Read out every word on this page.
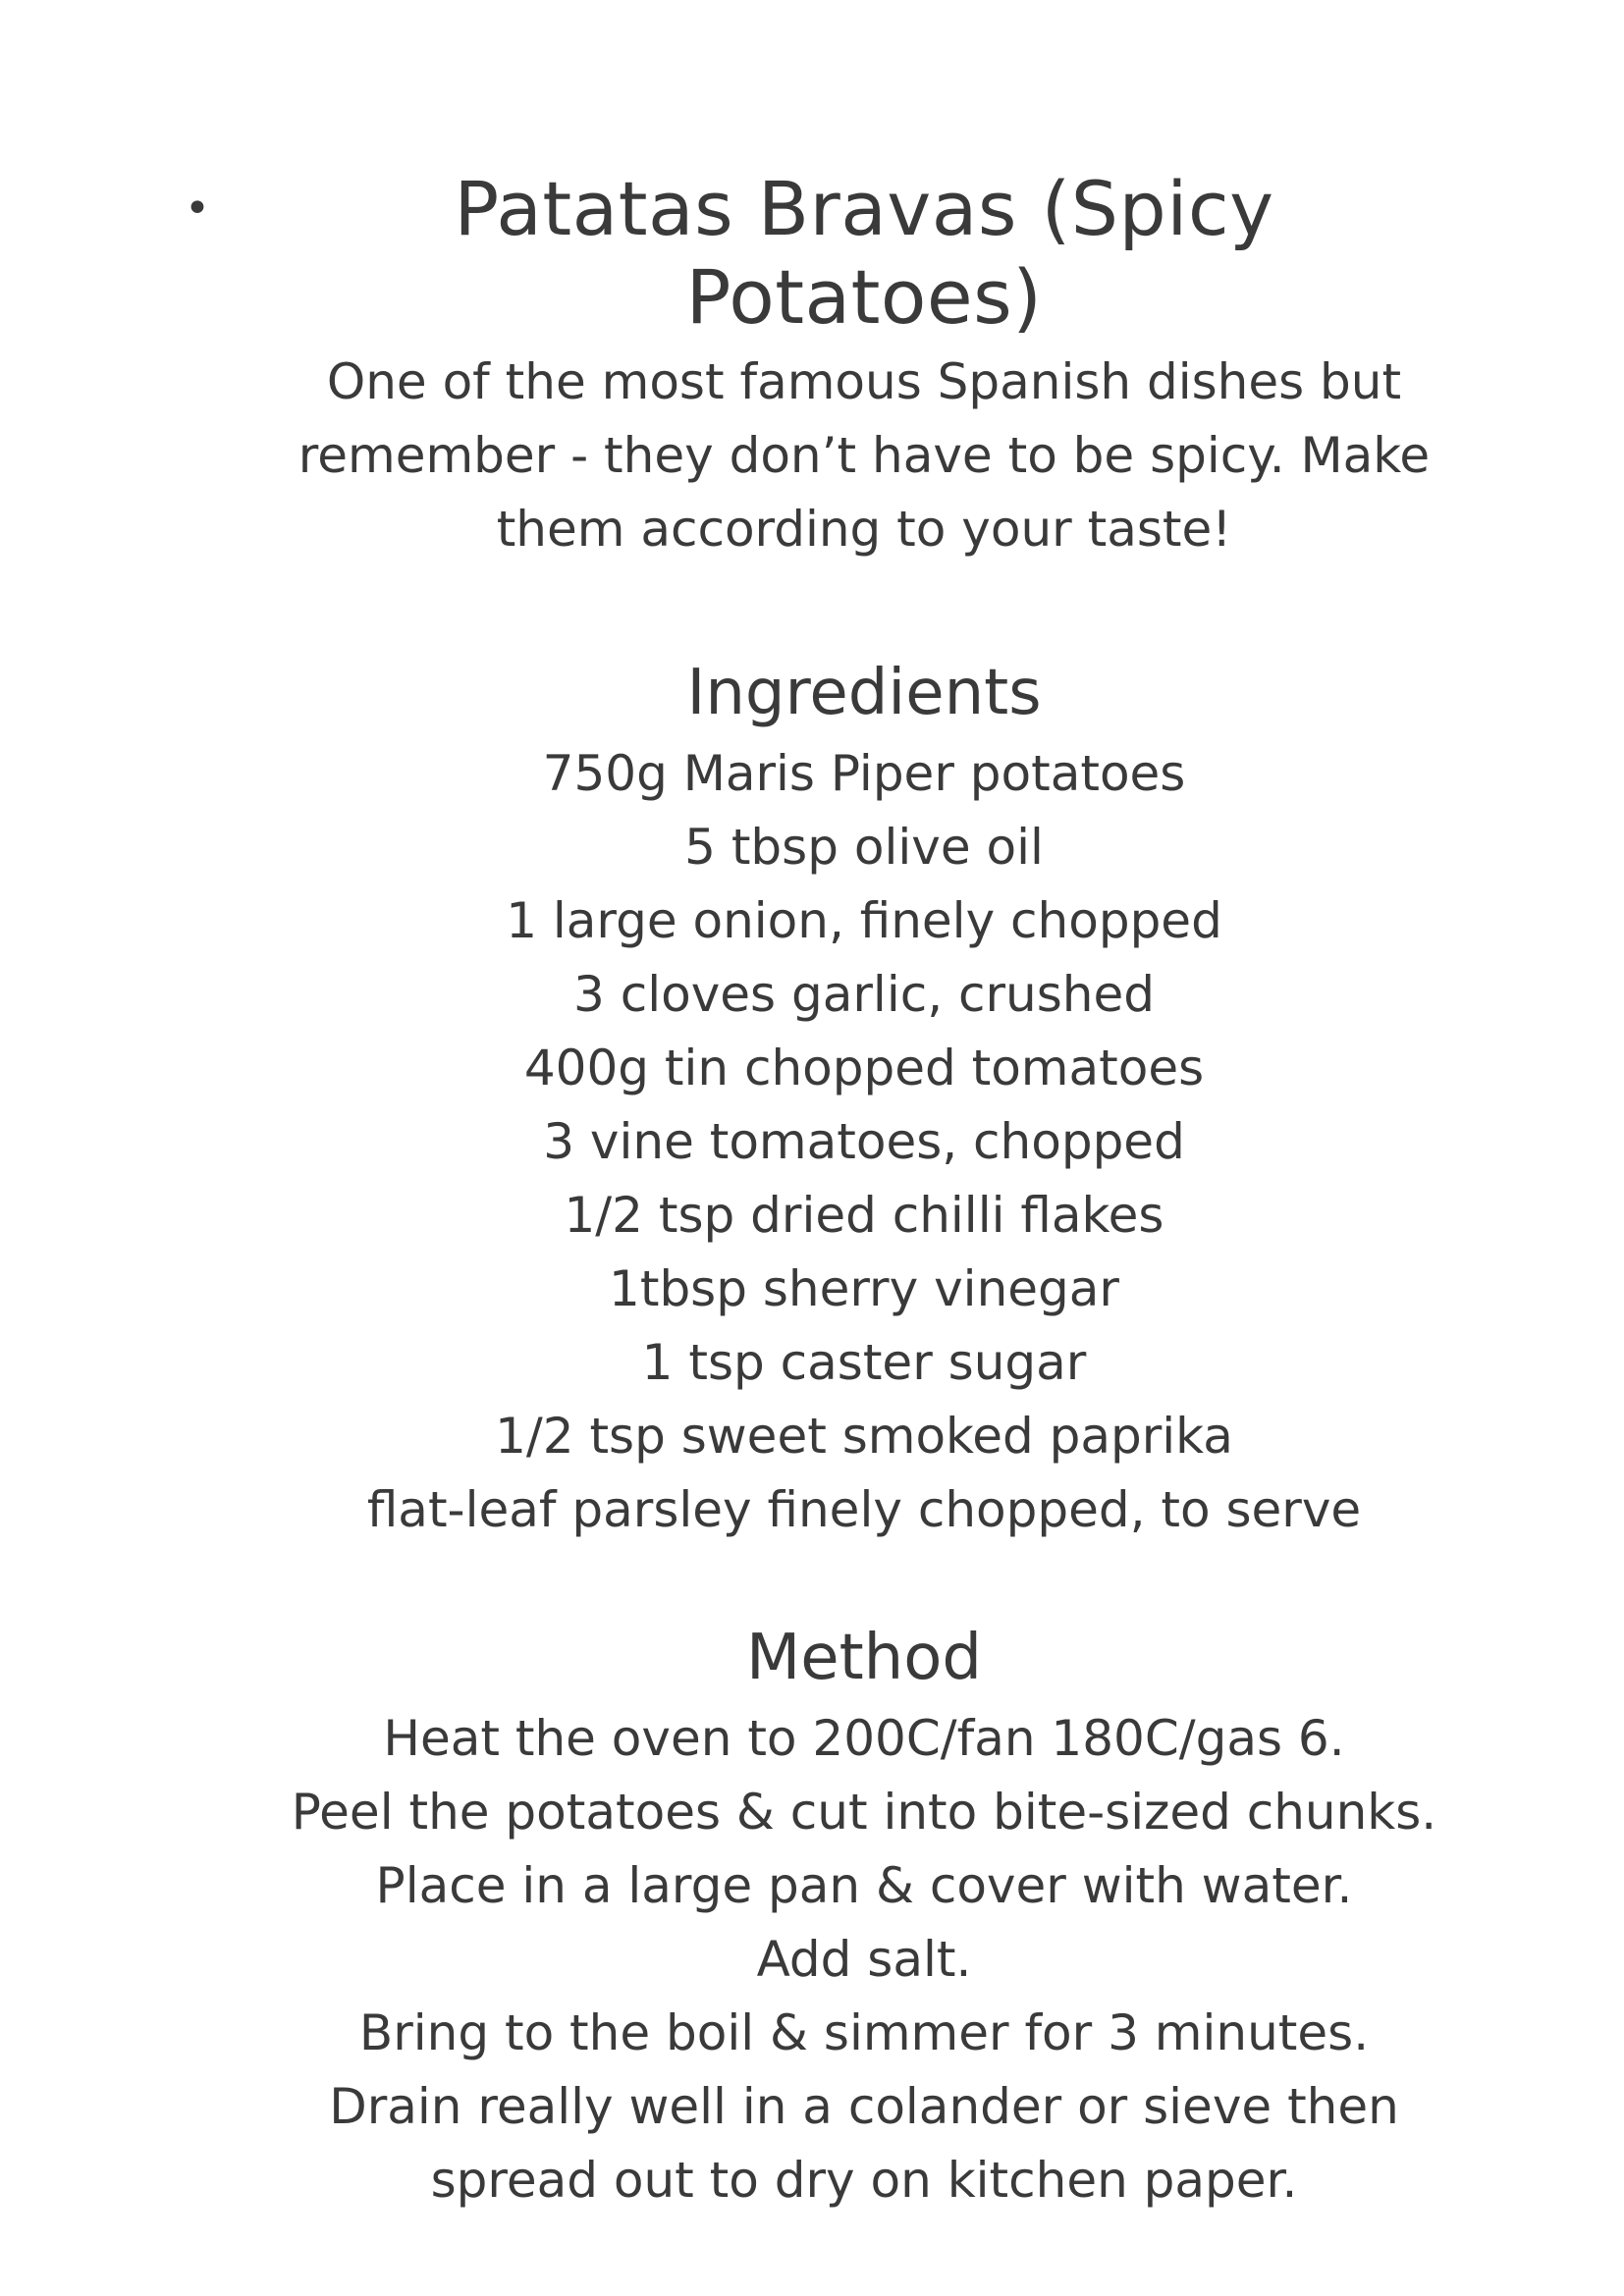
•	Patatas Bravas (Spicy Potatoes)
One of the most famous Spanish dishes but
remember - they don’t have to be spicy. Make
them according to your taste!
Ingredients
750g Maris Piper potatoes
5 tbsp olive oil
1 large onion, finely chopped
3 cloves garlic, crushed
400g tin chopped tomatoes
3 vine tomatoes, chopped
1/2 tsp dried chilli flakes
1tbsp sherry vinegar
1 tsp caster sugar
1/2 tsp sweet smoked paprika
flat-leaf parsley finely chopped, to serve
Method
Heat the oven to 200C/fan 180C/gas 6.
Peel the potatoes & cut into bite-sized chunks.
Place in a large pan & cover with water.
Add salt.
Bring to the boil & simmer for 3 minutes.
Drain really well in a colander or sieve then
spread out to dry on kitchen paper.
